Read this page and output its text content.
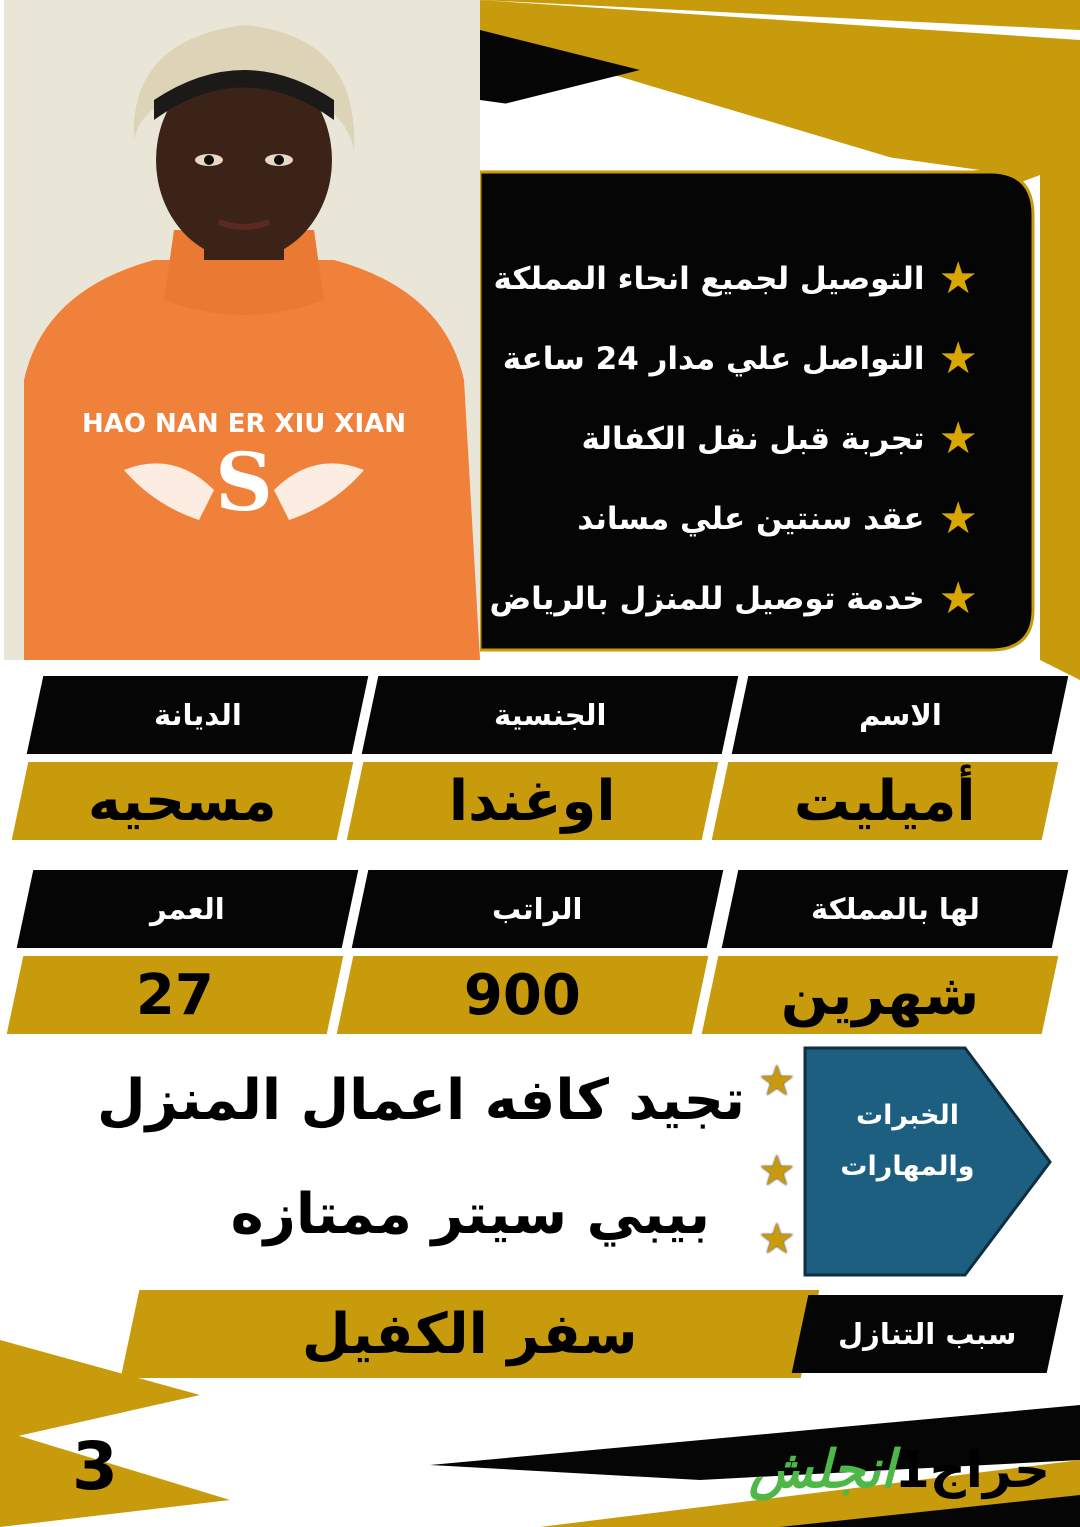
HAO NAN ER XIU XIAN
S
★
التوصيل لجميع انحاء المملكة
★
التواصل علي مدار 24 ساعة
★
تجربة قبل نقل الكفالة
★
عقد سنتين علي مساند
★
خدمة توصيل للمنزل بالرياض
الاسم
الجنسية
الديانة
أميليت
اوغندا
مسحيه
لها بالمملكة
الراتب
العمر
شهرين
900
27
الخبرات
والمهارات
★
★
★
تجيد كافه اعمال المنزل
بيبي سيتر ممتازه
سفر الكفيل	سبب التنازل
3	حراج1
انجلش
